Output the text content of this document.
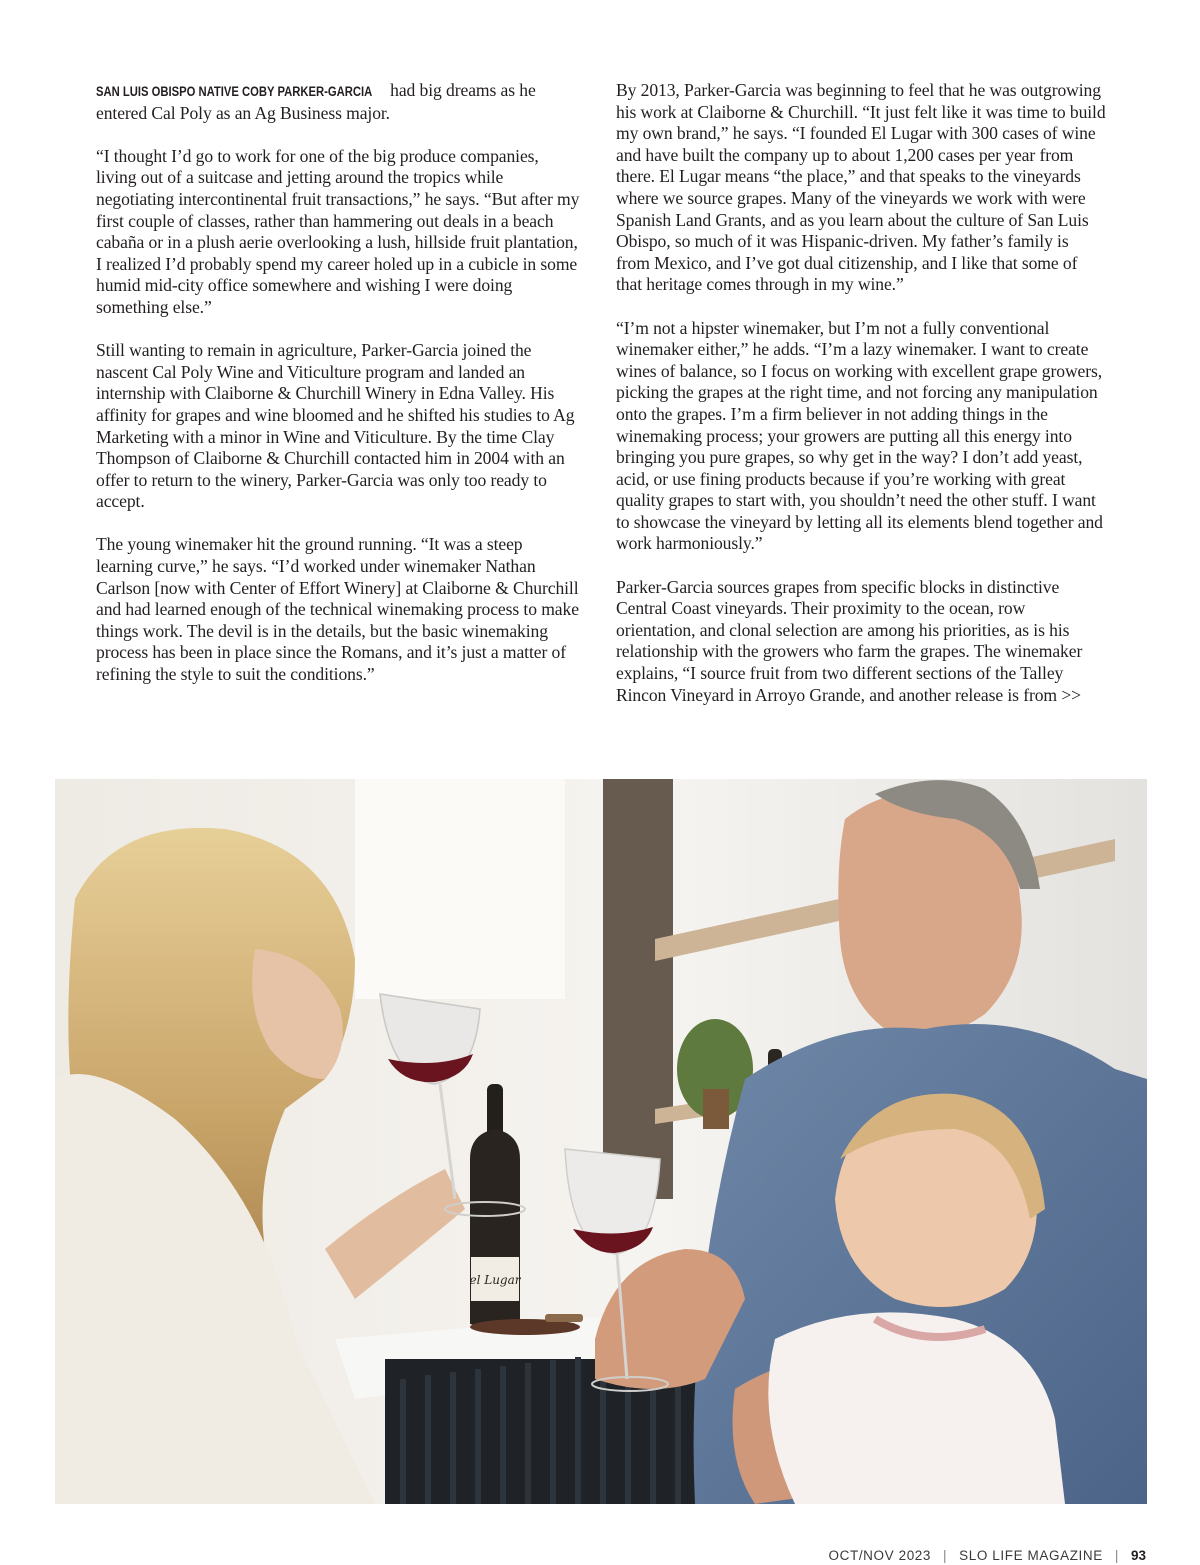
SAN LUIS OBISPO NATIVE COBY PARKER-GARCIA had big dreams as he entered Cal Poly as an Ag Business major.

“I thought I’d go to work for one of the big produce companies, living out of a suitcase and jetting around the tropics while negotiating intercontinental fruit transactions,” he says. “But after my first couple of classes, rather than hammering out deals in a beach cabaña or in a plush aerie overlooking a lush, hillside fruit plantation, I realized I’d probably spend my career holed up in a cubicle in some humid mid-city office somewhere and wishing I were doing something else.”

Still wanting to remain in agriculture, Parker-Garcia joined the nascent Cal Poly Wine and Viticulture program and landed an internship with Claiborne & Churchill Winery in Edna Valley. His affinity for grapes and wine bloomed and he shifted his studies to Ag Marketing with a minor in Wine and Viticulture. By the time Clay Thompson of Claiborne & Churchill contacted him in 2004 with an offer to return to the winery, Parker-Garcia was only too ready to accept.

The young winemaker hit the ground running. “It was a steep learning curve,” he says. “I’d worked under winemaker Nathan Carlson [now with Center of Effort Winery] at Claiborne & Churchill and had learned enough of the technical winemaking process to make things work. The devil is in the details, but the basic winemaking process has been in place since the Romans, and it’s just a matter of refining the style to suit the conditions.”

By 2013, Parker-Garcia was beginning to feel that he was outgrowing his work at Claiborne & Churchill. “It just felt like it was time to build my own brand,” he says. “I founded El Lugar with 300 cases of wine and have built the company up to about 1,200 cases per year from there. El Lugar means “the place,” and that speaks to the vineyards where we source grapes. Many of the vineyards we work with were Spanish Land Grants, and as you learn about the culture of San Luis Obispo, so much of it was Hispanic-driven. My father’s family is from Mexico, and I’ve got dual citizenship, and I like that some of that heritage comes through in my wine.”

“I’m not a hipster winemaker, but I’m not a fully conventional winemaker either,” he adds. “I’m a lazy winemaker. I want to create wines of balance, so I focus on working with excellent grape growers, picking the grapes at the right time, and not forcing any manipulation onto the grapes. I’m a firm believer in not adding things in the winemaking process; your growers are putting all this energy into bringing you pure grapes, so why get in the way? I don’t add yeast, acid, or use fining products because if you’re working with great quality grapes to start with, you shouldn’t need the other stuff. I want to showcase the vineyard by letting all its elements blend together and work harmoniously.”

Parker-Garcia sources grapes from specific blocks in distinctive Central Coast vineyards. Their proximity to the ocean, row orientation, and clonal selection are among his priorities, as is his relationship with the growers who farm the grapes. The winemaker explains, “I source fruit from two different sections of the Talley Rincon Vineyard in Arroyo Grande, and another release is from >>

el Lugar
OCT/NOV 2023 | SLO LIFE MAGAZINE | 93
